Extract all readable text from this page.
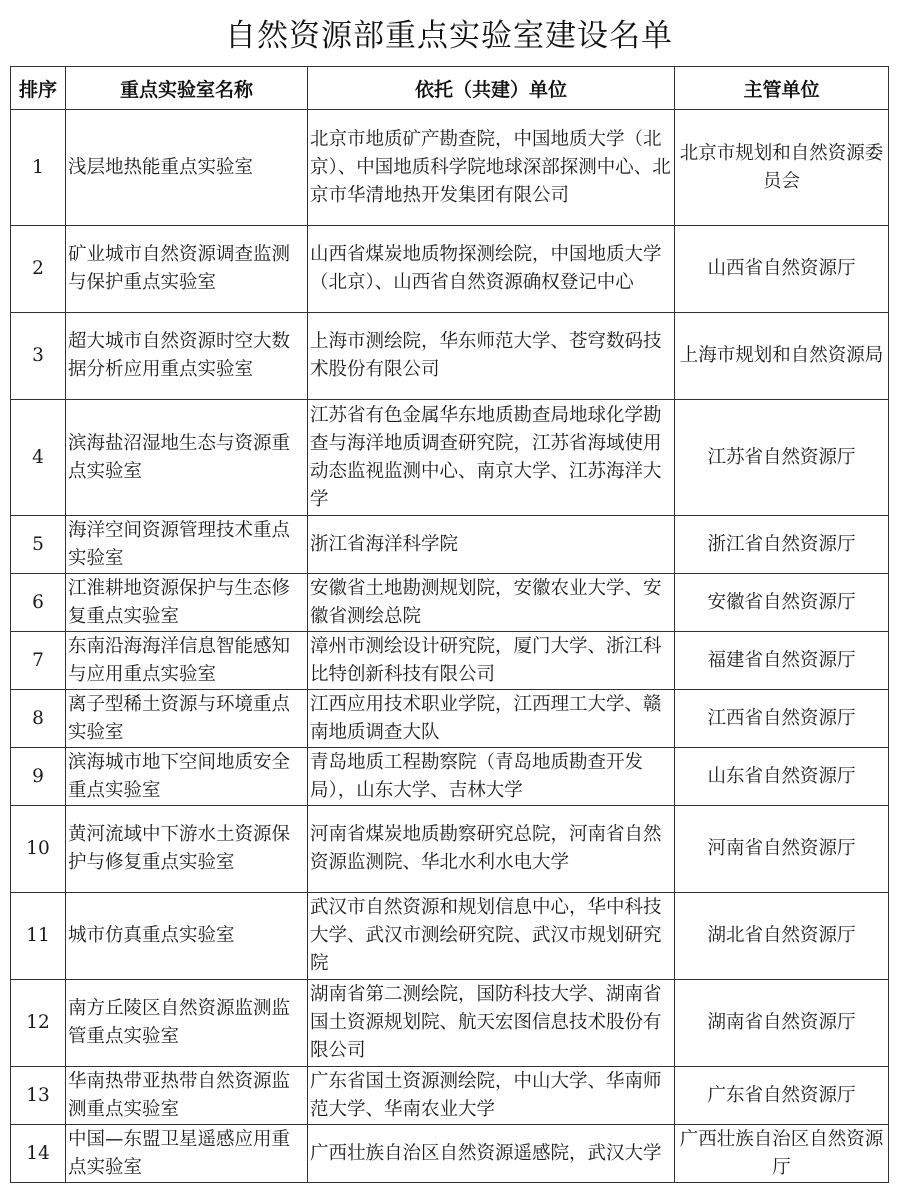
自然资源部重点实验室建设名单
排序	重点实验室名称	依托（共建）单位	主管单位
1	浅层地热能重点实验室	北京市地质矿产勘查院，中国地质大学（北京）、中国地质科学院地球深部探测中心、北京市华清地热开发集团有限公司	北京市规划和自然资源委员会
2	矿业城市自然资源调查监测与保护重点实验室	山西省煤炭地质物探测绘院，中国地质大学（北京）、山西省自然资源确权登记中心	山西省自然资源厅
3	超大城市自然资源时空大数据分析应用重点实验室	上海市测绘院，华东师范大学、苍穹数码技术股份有限公司	上海市规划和自然资源局
4	滨海盐沼湿地生态与资源重点实验室	江苏省有色金属华东地质勘查局地球化学勘查与海洋地质调查研究院，江苏省海域使用动态监视监测中心、南京大学、江苏海洋大学	江苏省自然资源厅
5	海洋空间资源管理技术重点实验室	浙江省海洋科学院	浙江省自然资源厅
6	江淮耕地资源保护与生态修复重点实验室	安徽省土地勘测规划院，安徽农业大学、安徽省测绘总院	安徽省自然资源厅
7	东南沿海海洋信息智能感知与应用重点实验室	漳州市测绘设计研究院，厦门大学、浙江科比特创新科技有限公司	福建省自然资源厅
8	离子型稀土资源与环境重点实验室	江西应用技术职业学院，江西理工大学、赣南地质调查大队	江西省自然资源厅
9	滨海城市地下空间地质安全重点实验室	青岛地质工程勘察院（青岛地质勘查开发局），山东大学、吉林大学	山东省自然资源厅
10	黄河流域中下游水土资源保护与修复重点实验室	河南省煤炭地质勘察研究总院，河南省自然资源监测院、华北水利水电大学	河南省自然资源厅
11	城市仿真重点实验室	武汉市自然资源和规划信息中心，华中科技大学、武汉市测绘研究院、武汉市规划研究院	湖北省自然资源厅
12	南方丘陵区自然资源监测监管重点实验室	湖南省第二测绘院，国防科技大学、湖南省国土资源规划院、航天宏图信息技术股份有限公司	湖南省自然资源厅
13	华南热带亚热带自然资源监测重点实验室	广东省国土资源测绘院，中山大学、华南师范大学、华南农业大学	广东省自然资源厅
14	中国—东盟卫星遥感应用重点实验室	广西壮族自治区自然资源遥感院，武汉大学	广西壮族自治区自然资源厅
